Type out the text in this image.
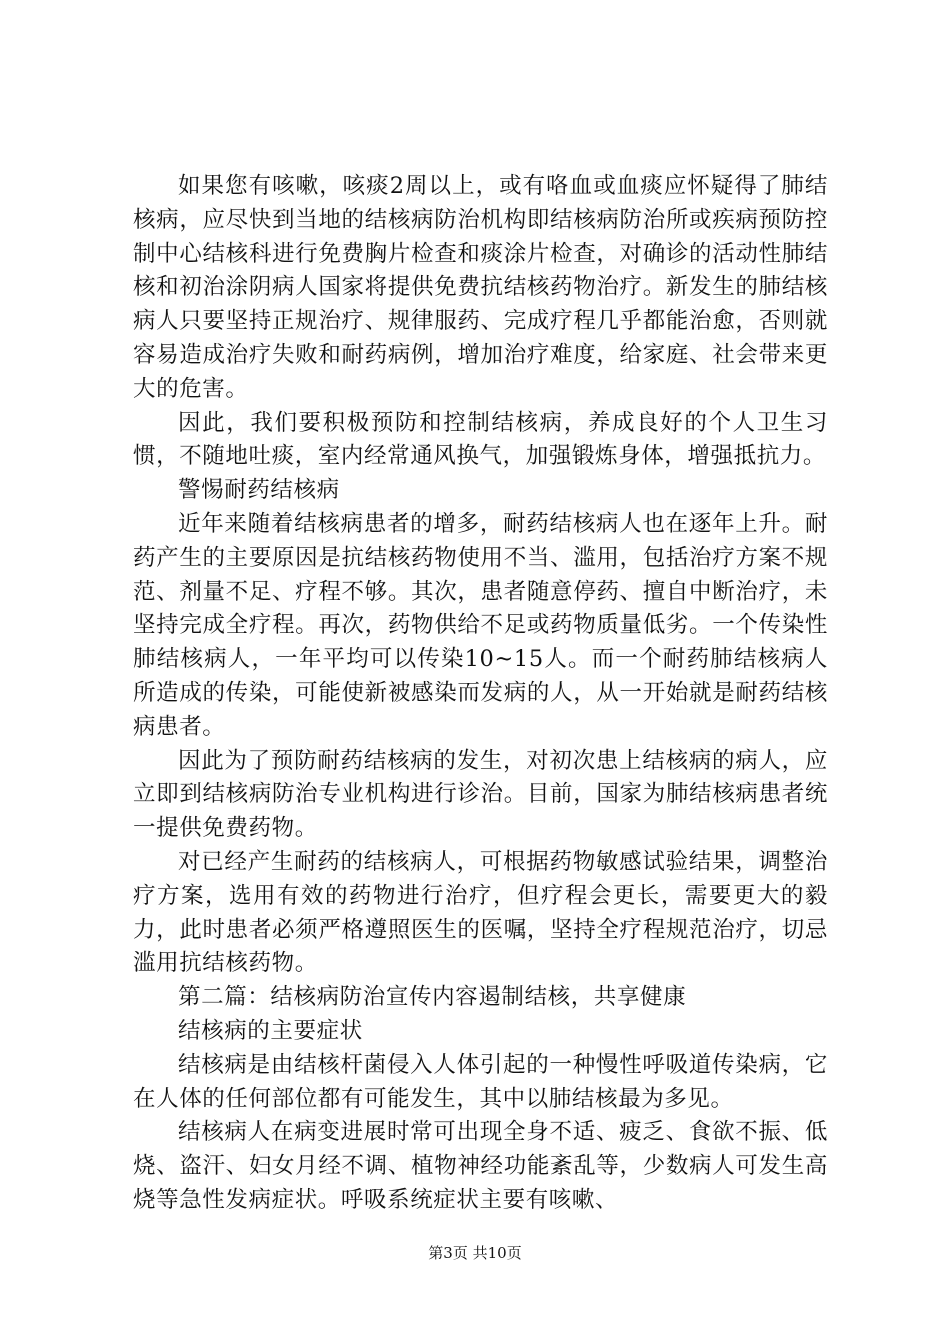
如果您有咳嗽，咳痰2周以上，或有咯血或血痰应怀疑得了肺结核病，应尽快到当地的结核病防治机构即结核病防治所或疾病预防控制中心结核科进行免费胸片检查和痰涂片检查，对确诊的活动性肺结核和初治涂阴病人国家将提供免费抗结核药物治疗。新发生的肺结核病人只要坚持正规治疗、规律服药、完成疗程几乎都能治愈，否则就容易造成治疗失败和耐药病例，增加治疗难度，给家庭、社会带来更大的危害。

因此，我们要积极预防和控制结核病，养成良好的个人卫生习惯，不随地吐痰，室内经常通风换气，加强锻炼身体，增强抵抗力。

警惕耐药结核病

近年来随着结核病患者的增多，耐药结核病人也在逐年上升。耐药产生的主要原因是抗结核药物使用不当、滥用，包括治疗方案不规范、剂量不足、疗程不够。其次，患者随意停药、擅自中断治疗，未坚持完成全疗程。再次，药物供给不足或药物质量低劣。一个传染性肺结核病人，一年平均可以传染10~15人。而一个耐药肺结核病人所造成的传染，可能使新被感染而发病的人，从一开始就是耐药结核病患者。

因此为了预防耐药结核病的发生，对初次患上结核病的病人，应立即到结核病防治专业机构进行诊治。目前，国家为肺结核病患者统一提供免费药物。

对已经产生耐药的结核病人，可根据药物敏感试验结果，调整治疗方案，选用有效的药物进行治疗，但疗程会更长，需要更大的毅力，此时患者必须严格遵照医生的医嘱，坚持全疗程规范治疗，切忌滥用抗结核药物。

第二篇：结核病防治宣传内容遏制结核，共享健康

结核病的主要症状

结核病是由结核杆菌侵入人体引起的一种慢性呼吸道传染病，它在人体的任何部位都有可能发生，其中以肺结核最为多见。

结核病人在病变进展时常可出现全身不适、疲乏、食欲不振、低烧、盗汗、妇女月经不调、植物神经功能紊乱等，少数病人可发生高烧等急性发病症状。呼吸系统症状主要有咳嗽、

第3页 共10页
